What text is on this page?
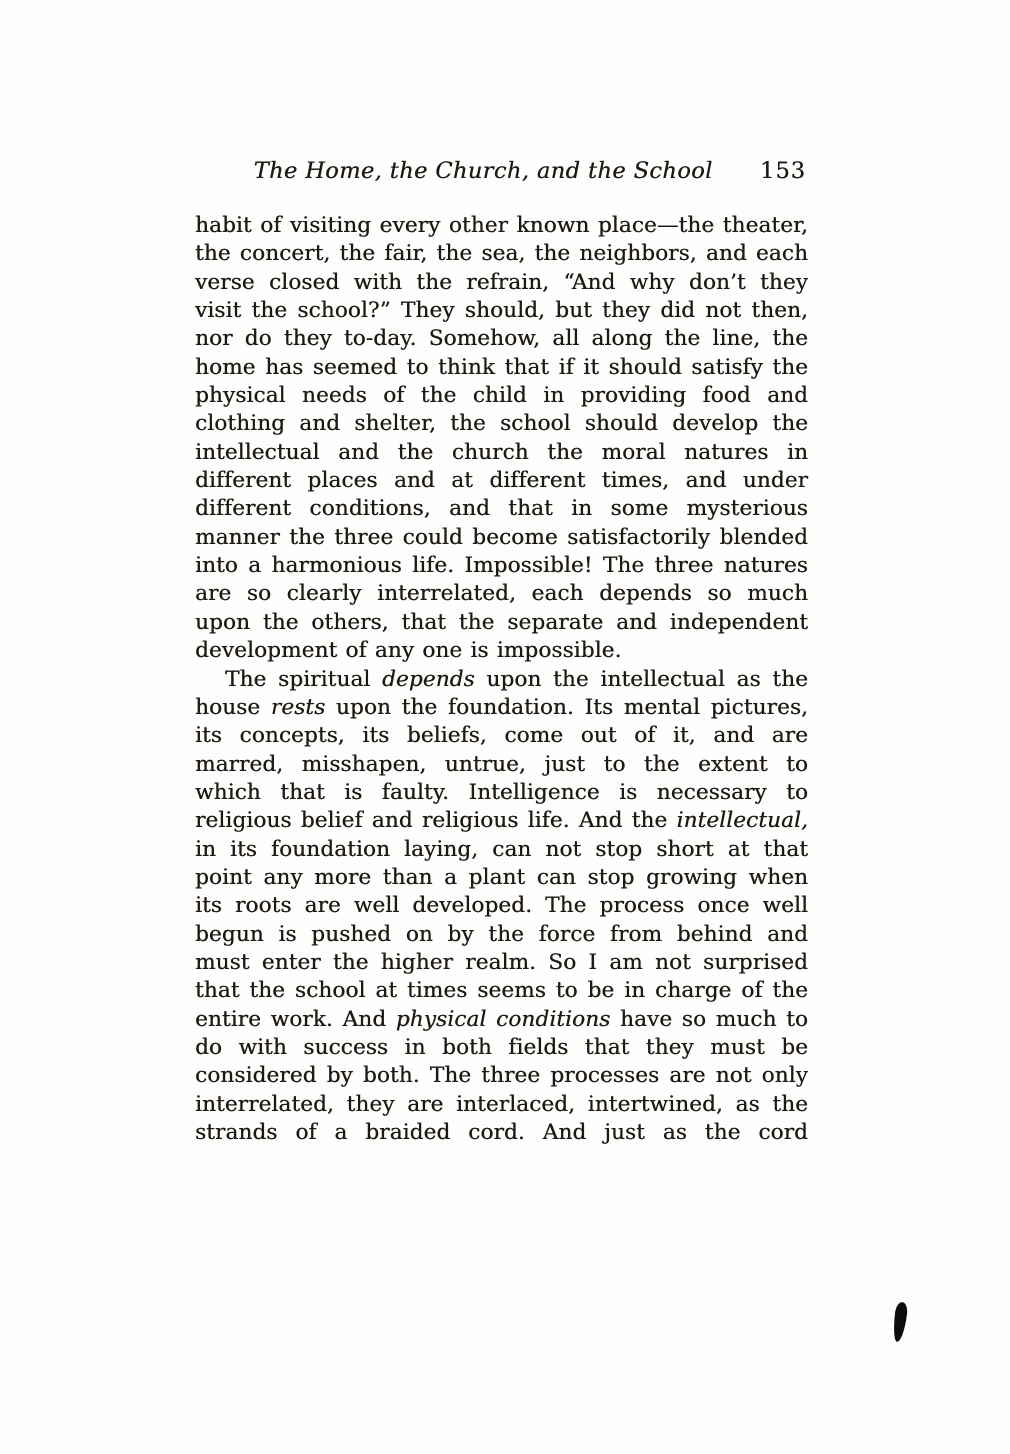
The Home, the Church, and the School 153

habit of visiting every other known place—the theater, the concert, the fair, the sea, the neighbors, and each verse closed with the refrain, “And why don’t they visit the school?” They should, but they did not then, nor do they to-day. Somehow, all along the line, the home has seemed to think that if it should satisfy the physical needs of the child in providing food and clothing and shelter, the school should develop the intellectual and the church the moral natures in different places and at different times, and under different conditions, and that in some mysterious manner the three could become satisfactorily blended into a harmonious life. Impossible! The three natures are so clearly interrelated, each depends so much upon the others, that the separate and independent development of any one is impossible.

The spiritual depends upon the intellectual as the house rests upon the foundation. Its mental pictures, its concepts, its beliefs, come out of it, and are marred, misshapen, untrue, just to the extent to which that is faulty. Intelligence is necessary to religious belief and religious life. And the intellectual, in its foundation laying, can not stop short at that point any more than a plant can stop growing when its roots are well developed. The process once well begun is pushed on by the force from behind and must enter the higher realm. So I am not surprised that the school at times seems to be in charge of the entire work. And physical conditions have so much to do with success in both fields that they must be considered by both. The three processes are not only interrelated, they are interlaced, intertwined, as the strands of a braided cord. And just as the cord
